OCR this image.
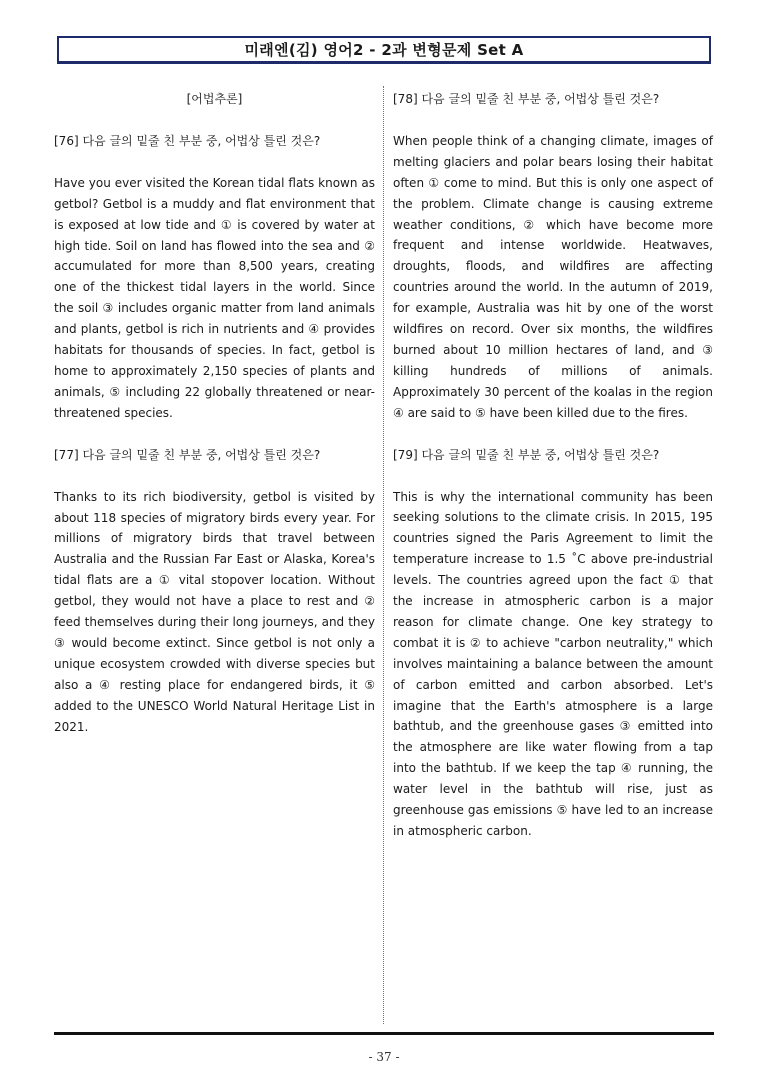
미래엔(김) 영어2 - 2과 변형문제 Set A
[어법추론]
[76] 다음 글의 밑줄 친 부분 중, 어법상 틀린 것은?
Have you ever visited the Korean tidal flats known as getbol? Getbol is a muddy and flat environment that is exposed at low tide and ① is covered by water at high tide. Soil on land has flowed into the sea and ② accumulated for more than 8,500 years, creating one of the thickest tidal layers in the world. Since the soil ③ includes organic matter from land animals and plants, getbol is rich in nutrients and ④ provides habitats for thousands of species. In fact, getbol is home to approximately 2,150 species of plants and animals, ⑤ including 22 globally threatened or near-threatened species.
[77] 다음 글의 밑줄 친 부분 중, 어법상 틀린 것은?
Thanks to its rich biodiversity, getbol is visited by about 118 species of migratory birds every year. For millions of migratory birds that travel between Australia and the Russian Far East or Alaska, Korea's tidal flats are a ① vital stopover location. Without getbol, they would not have a place to rest and ② feed themselves during their long journeys, and they ③ would become extinct. Since getbol is not only a unique ecosystem crowded with diverse species but also a ④ resting place for endangered birds, it ⑤ added to the UNESCO World Natural Heritage List in 2021.
[78] 다음 글의 밑줄 친 부분 중, 어법상 틀린 것은?
When people think of a changing climate, images of melting glaciers and polar bears losing their habitat often ① come to mind. But this is only one aspect of the problem. Climate change is causing extreme weather conditions, ② which have become more frequent and intense worldwide. Heatwaves, droughts, floods, and wildfires are affecting countries around the world. In the autumn of 2019, for example, Australia was hit by one of the worst wildfires on record. Over six months, the wildfires burned about 10 million hectares of land, and ③ killing hundreds of millions of animals. Approximately 30 percent of the koalas in the region ④ are said to ⑤ have been killed due to the fires.
[79] 다음 글의 밑줄 친 부분 중, 어법상 틀린 것은?
This is why the international community has been seeking solutions to the climate crisis. In 2015, 195 countries signed the Paris Agreement to limit the temperature increase to 1.5 ˚C above pre-industrial levels. The countries agreed upon the fact ① that the increase in atmospheric carbon is a major reason for climate change. One key strategy to combat it is ② to achieve "carbon neutrality," which involves maintaining a balance between the amount of carbon emitted and carbon absorbed. Let's imagine that the Earth's atmosphere is a large bathtub, and the greenhouse gases ③ emitted into the atmosphere are like water flowing from a tap into the bathtub. If we keep the tap ④ running, the water level in the bathtub will rise, just as greenhouse gas emissions ⑤ have led to an increase in atmospheric carbon.
- 37 -
